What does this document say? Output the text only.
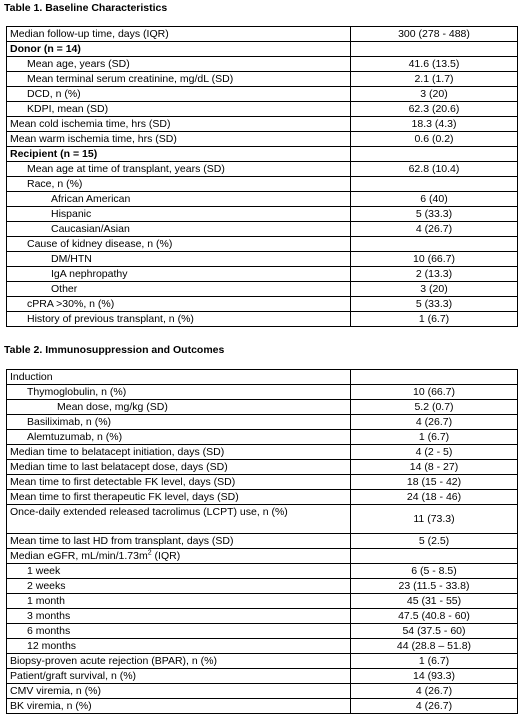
Table 1. Baseline Characteristics
Median follow-up time, days (IQR)	300 (278 - 488)
Donor (n = 14)	
Mean age, years (SD)	41.6 (13.5)
Mean terminal serum creatinine, mg/dL (SD)	2.1 (1.7)
DCD, n (%)	3 (20)
KDPI, mean (SD)	62.3 (20.6)
Mean cold ischemia time, hrs (SD)	18.3 (4.3)
Mean warm ischemia time, hrs (SD)	0.6 (0.2)
Recipient (n = 15)	
Mean age at time of transplant, years (SD)	62.8 (10.4)
Race, n (%)	
African American	6 (40)
Hispanic	5 (33.3)
Caucasian/Asian	4 (26.7)
Cause of kidney disease, n (%)	
DM/HTN	10 (66.7)
IgA nephropathy	2 (13.3)
Other	3 (20)
cPRA >30%, n (%)	5 (33.3)
History of previous transplant, n (%)	1 (6.7)
Table 2. Immunosuppression and Outcomes
Induction	
Thymoglobulin, n (%)	10 (66.7)
Mean dose, mg/kg (SD)	5.2 (0.7)
Basiliximab, n (%)	4 (26.7)
Alemtuzumab, n (%)	1 (6.7)
Median time to belatacept initiation, days (SD)	4 (2 - 5)
Median time to last belatacept dose, days (SD)	14 (8 - 27)
Mean time to first detectable FK level, days (SD)	18 (15 - 42)
Mean time to first therapeutic FK level, days (SD)	24 (18 - 46)
Once-daily extended released tacrolimus (LCPT) use, n (%)	11 (73.3)
Mean time to last HD from transplant, days (SD)	5 (2.5)
Median eGFR, $mL/\min/1.73m^2$ (IQR)	
1 week	6 (5 - 8.5)
2 weeks	23 (11.5 - 33.8)
1 month	45 (31 - 55)
3 months	47.5 (40.8 - 60)
6 months	54 (37.5 - 60)
12 months	44 (28.8 – 51.8)
Biopsy-proven acute rejection (BPAR), n (%)	1 (6.7)
Patient/graft survival, n (%)	14 (93.3)
CMV viremia, n (%)	4 (26.7)
BK viremia, n (%)	4 (26.7)
